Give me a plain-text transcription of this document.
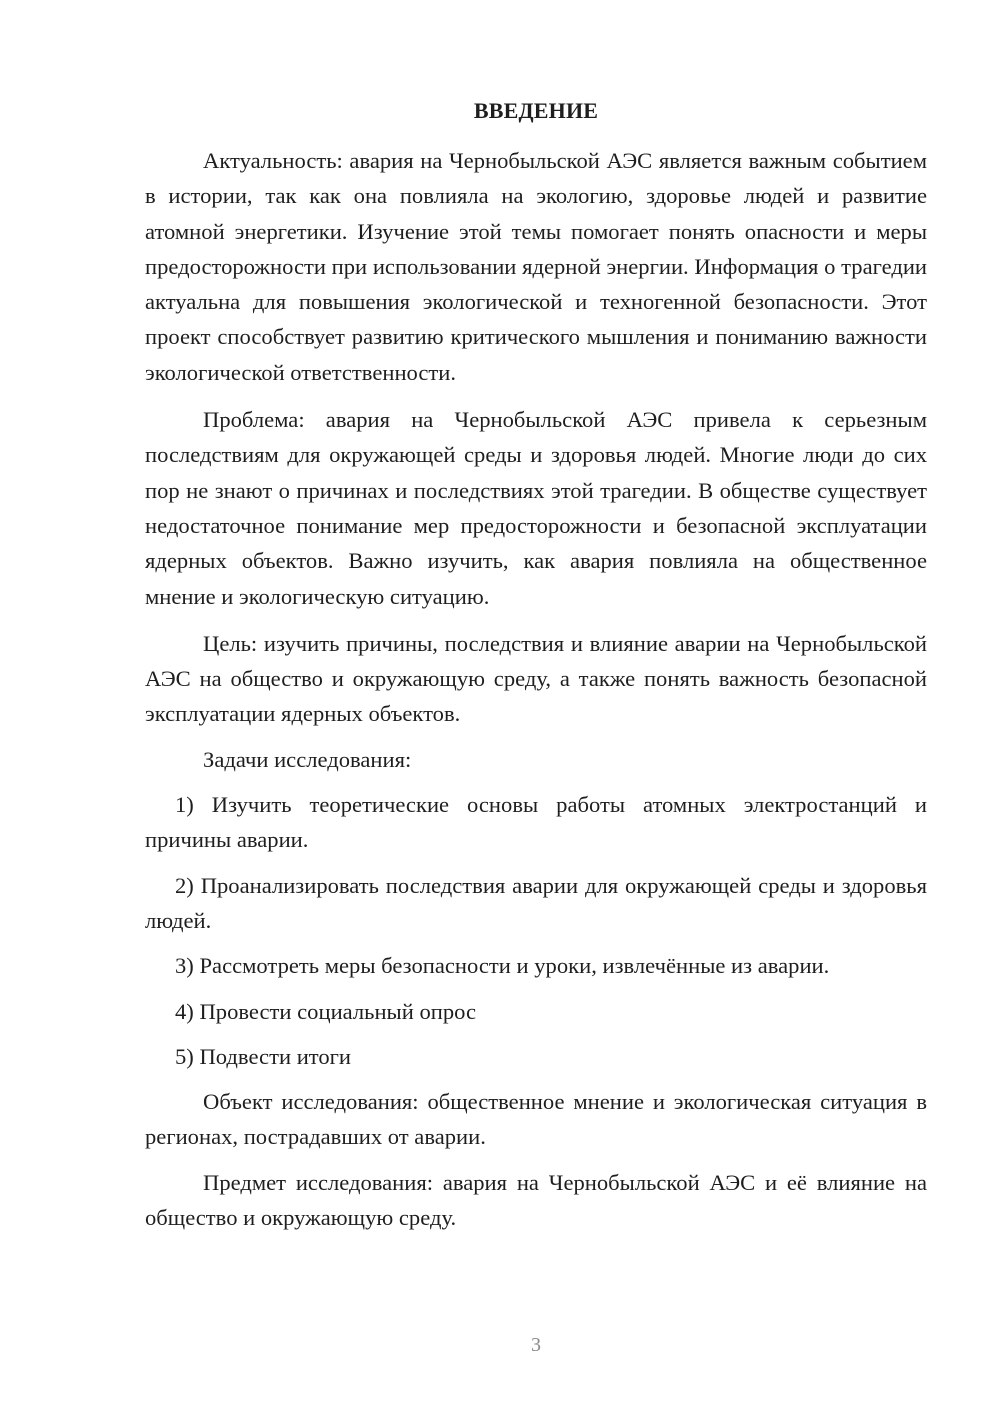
ВВЕДЕНИЕ

Актуальность: авария на Чернобыльской АЭС является важным событием в истории, так как она повлияла на экологию, здоровье людей и развитие атомной энергетики. Изучение этой темы помогает понять опасности и меры предосторожности при использовании ядерной энергии. Информация о трагедии актуальна для повышения экологической и техногенной безопасности. Этот проект способствует развитию критического мышления и пониманию важности экологической ответственности.

Проблема: авария на Чернобыльской АЭС привела к серьезным последствиям для окружающей среды и здоровья людей. Многие люди до сих пор не знают о причинах и последствиях этой трагедии. В обществе существует недостаточное понимание мер предосторожности и безопасной эксплуатации ядерных объектов. Важно изучить, как авария повлияла на общественное мнение и экологическую ситуацию.

Цель: изучить причины, последствия и влияние аварии на Чернобыльской АЭС на общество и окружающую среду, а также понять важность безопасной эксплуатации ядерных объектов.

Задачи исследования:

1) Изучить теоретические основы работы атомных электростанций и причины аварии.

2) Проанализировать последствия аварии для окружающей среды и здоровья людей.

3) Рассмотреть меры безопасности и уроки, извлечённые из аварии.

4) Провести социальный опрос

5) Подвести итоги

Объект исследования: общественное мнение и экологическая ситуация в регионах, пострадавших от аварии.

Предмет исследования: авария на Чернобыльской АЭС и её влияние на общество и окружающую среду.

3
